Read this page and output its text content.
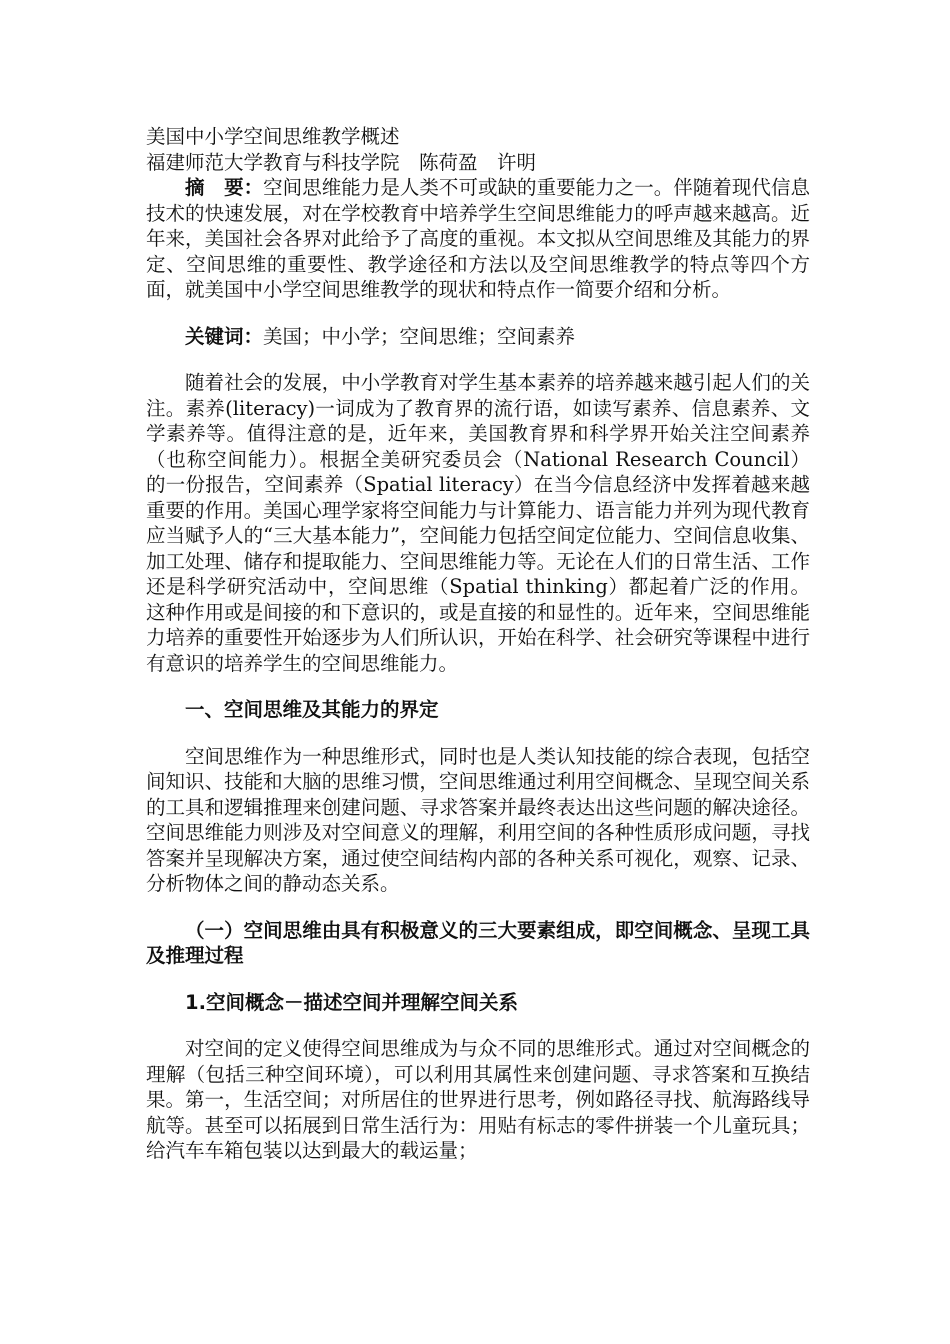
美国中小学空间思维教学概述

福建师范大学教育与科技学院　陈荷盈　许明

摘　要：空间思维能力是人类不可或缺的重要能力之一。伴随着现代信息技术的快速发展，对在学校教育中培养学生空间思维能力的呼声越来越高。近年来，美国社会各界对此给予了高度的重视。本文拟从空间思维及其能力的界定、空间思维的重要性、教学途径和方法以及空间思维教学的特点等四个方面，就美国中小学空间思维教学的现状和特点作一简要介绍和分析。

关键词：美国；中小学；空间思维；空间素养

随着社会的发展，中小学教育对学生基本素养的培养越来越引起人们的关注。素养(literacy)一词成为了教育界的流行语，如读写素养、信息素养、文学素养等。值得注意的是，近年来，美国教育界和科学界开始关注空间素养（也称空间能力）。根据全美研究委员会（National Research Council）的一份报告，空间素养（Spatial literacy）在当今信息经济中发挥着越来越重要的作用。美国心理学家将空间能力与计算能力、语言能力并列为现代教育应当赋予人的“三大基本能力”，空间能力包括空间定位能力、空间信息收集、加工处理、储存和提取能力、空间思维能力等。无论在人们的日常生活、工作还是科学研究活动中，空间思维（Spatial thinking）都起着广泛的作用。这种作用或是间接的和下意识的，或是直接的和显性的。近年来，空间思维能力培养的重要性开始逐步为人们所认识，开始在科学、社会研究等课程中进行有意识的培养学生的空间思维能力。

一、空间思维及其能力的界定

空间思维作为一种思维形式，同时也是人类认知技能的综合表现，包括空间知识、技能和大脑的思维习惯，空间思维通过利用空间概念、呈现空间关系的工具和逻辑推理来创建问题、寻求答案并最终表达出这些问题的解决途径。空间思维能力则涉及对空间意义的理解，利用空间的各种性质形成问题，寻找答案并呈现解决方案，通过使空间结构内部的各种关系可视化，观察、记录、分析物体之间的静动态关系。

（一）空间思维由具有积极意义的三大要素组成，即空间概念、呈现工具及推理过程

1.空间概念－描述空间并理解空间关系

对空间的定义使得空间思维成为与众不同的思维形式。通过对空间概念的理解（包括三种空间环境），可以利用其属性来创建问题、寻求答案和互换结果。第一，生活空间；对所居住的世界进行思考，例如路径寻找、航海路线导航等。甚至可以拓展到日常生活行为：用贴有标志的零件拼装一个儿童玩具；给汽车车箱包装以达到最大的载运量；
